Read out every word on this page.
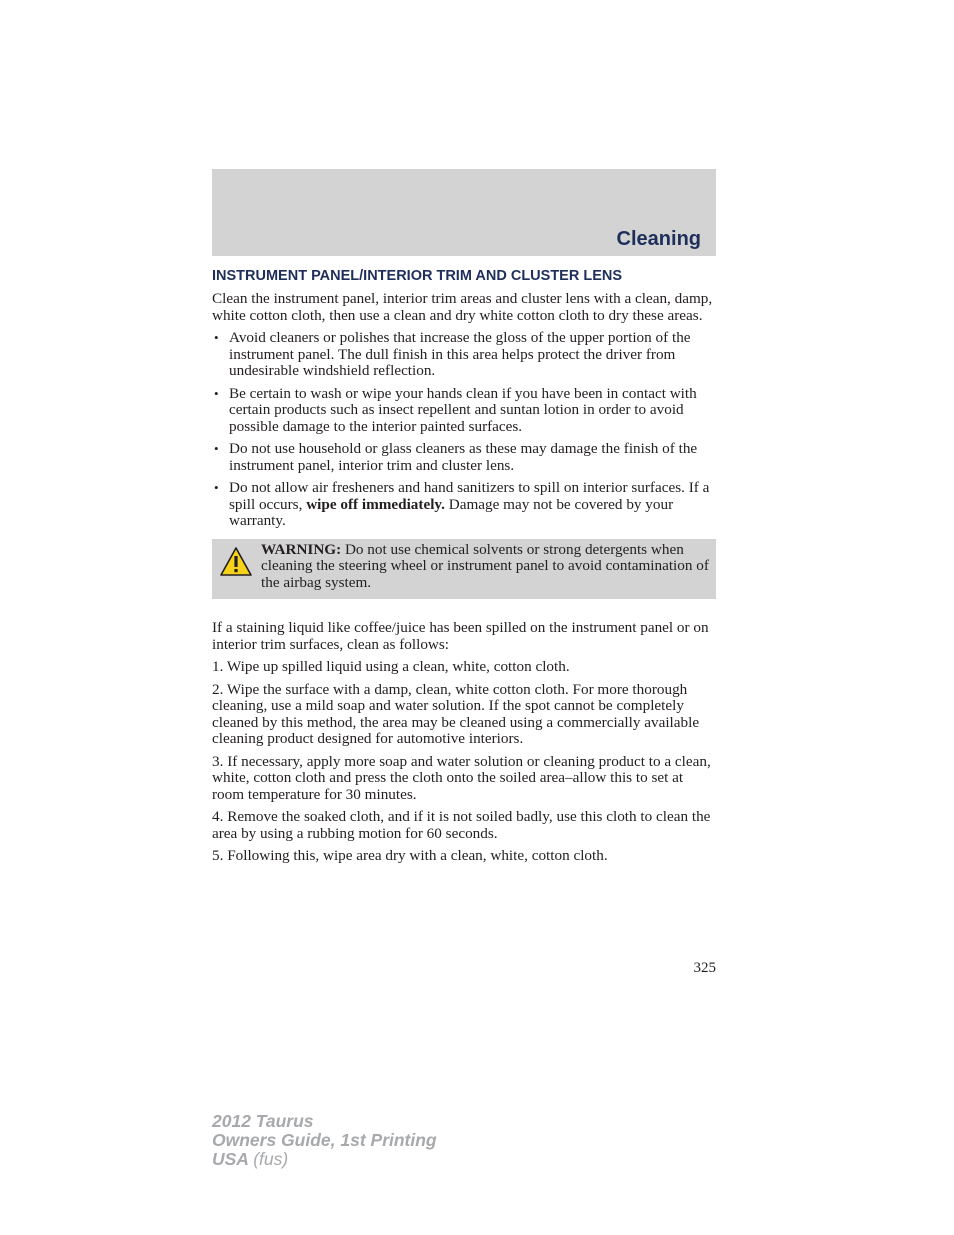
Cleaning
INSTRUMENT PANEL/INTERIOR TRIM AND CLUSTER LENS

Clean the instrument panel, interior trim areas and cluster lens with a clean, damp, white cotton cloth, then use a clean and dry white cotton cloth to dry these areas.

• Avoid cleaners or polishes that increase the gloss of the upper portion of the instrument panel. The dull finish in this area helps protect the driver from undesirable windshield reflection.
• Be certain to wash or wipe your hands clean if you have been in contact with certain products such as insect repellent and suntan lotion in order to avoid possible damage to the interior painted surfaces.
• Do not use household or glass cleaners as these may damage the finish of the instrument panel, interior trim and cluster lens.
• Do not allow air fresheners and hand sanitizers to spill on interior surfaces. If a spill occurs, wipe off immediately. Damage may not be covered by your warranty.
WARNING: Do not use chemical solvents or strong detergents when cleaning the steering wheel or instrument panel to avoid contamination of the airbag system.

If a staining liquid like coffee/juice has been spilled on the instrument panel or on interior trim surfaces, clean as follows:

1. Wipe up spilled liquid using a clean, white, cotton cloth.

2. Wipe the surface with a damp, clean, white cotton cloth. For more thorough cleaning, use a mild soap and water solution. If the spot cannot be completely cleaned by this method, the area may be cleaned using a commercially available cleaning product designed for automotive interiors.

3. If necessary, apply more soap and water solution or cleaning product to a clean, white, cotton cloth and press the cloth onto the soiled area–allow this to set at room temperature for 30 minutes.

4. Remove the soaked cloth, and if it is not soiled badly, use this cloth to clean the area by using a rubbing motion for 60 seconds.

5. Following this, wipe area dry with a clean, white, cotton cloth.

325
2012 Taurus
Owners Guide, 1st Printing
USA (fus)
